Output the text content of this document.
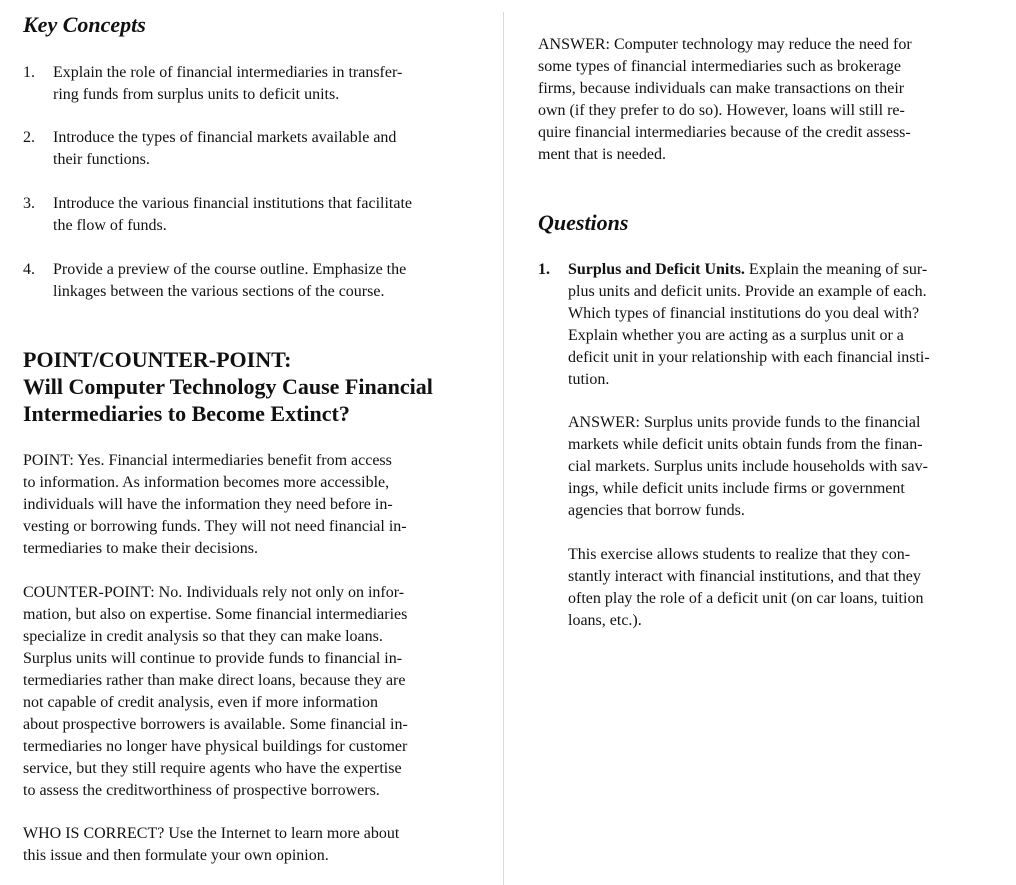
Key Concepts
1. Explain the role of financial intermediaries in transfer-
ring funds from surplus units to deficit units.
2. Introduce the types of financial markets available and
their functions.
3. Introduce the various financial institutions that facilitate
the flow of funds.
4. Provide a preview of the course outline. Emphasize the
linkages between the various sections of the course.
POINT/COUNTER-POINT:
Will Computer Technology Cause Financial
Intermediaries to Become Extinct?
POINT: Yes. Financial intermediaries benefit from access
to information. As information becomes more accessible,
individuals will have the information they need before in-
vesting or borrowing funds. They will not need financial in-
termediaries to make their decisions.
COUNTER-POINT: No. Individuals rely not only on infor-
mation, but also on expertise. Some financial intermediaries
specialize in credit analysis so that they can make loans.
Surplus units will continue to provide funds to financial in-
termediaries rather than make direct loans, because they are
not capable of credit analysis, even if more information
about prospective borrowers is available. Some financial in-
termediaries no longer have physical buildings for customer
service, but they still require agents who have the expertise
to assess the creditworthiness of prospective borrowers.
WHO IS CORRECT? Use the Internet to learn more about
this issue and then formulate your own opinion.
ANSWER: Computer technology may reduce the need for
some types of financial intermediaries such as brokerage
firms, because individuals can make transactions on their
own (if they prefer to do so). However, loans will still re-
quire financial intermediaries because of the credit assess-
ment that is needed.
Questions
1. Surplus and Deficit Units. Explain the meaning of sur-
plus units and deficit units. Provide an example of each.
Which types of financial institutions do you deal with?
Explain whether you are acting as a surplus unit or a
deficit unit in your relationship with each financial insti-
tution.
ANSWER: Surplus units provide funds to the financial
markets while deficit units obtain funds from the finan-
cial markets. Surplus units include households with sav-
ings, while deficit units include firms or government
agencies that borrow funds.
This exercise allows students to realize that they con-
stantly interact with financial institutions, and that they
often play the role of a deficit unit (on car loans, tuition
loans, etc.).
